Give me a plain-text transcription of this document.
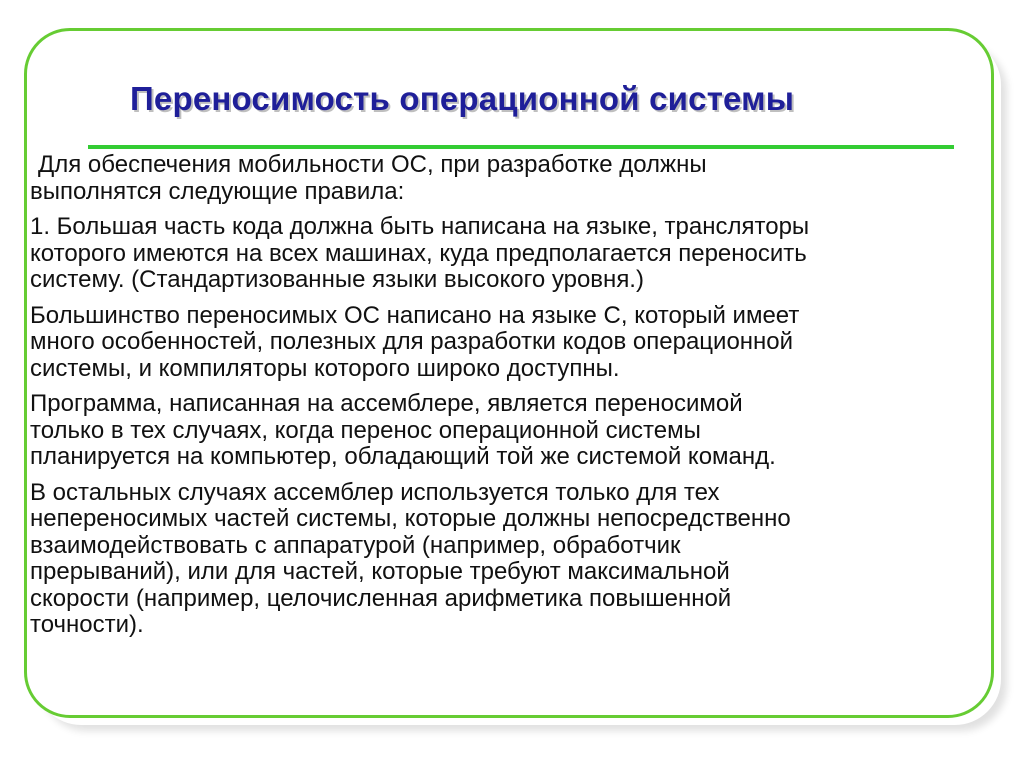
Переносимость операционной системы

Для обеспечения мобильности ОС, при разработке должны
выполнятся следующие правила:

1. Большая часть кода должна быть написана на языке, трансляторы
которого имеются на всех машинах, куда предполагается переносить
систему. (Стандартизованные языки высокого уровня.)

Большинство переносимых ОС написано на языке С, который имеет
много особенностей, полезных для разработки кодов операционной
системы, и компиляторы которого широко доступны.

Программа, написанная на ассемблере, является переносимой
только в тех случаях, когда перенос операционной системы
планируется на компьютер, обладающий той же системой команд.

В остальных случаях ассемблер используется только для тех
непереносимых частей системы, которые должны непосредственно
взаимодействовать с аппаратурой (например, обработчик
прерываний), или для частей, которые требуют максимальной
скорости (например, целочисленная арифметика повышенной
точности).
